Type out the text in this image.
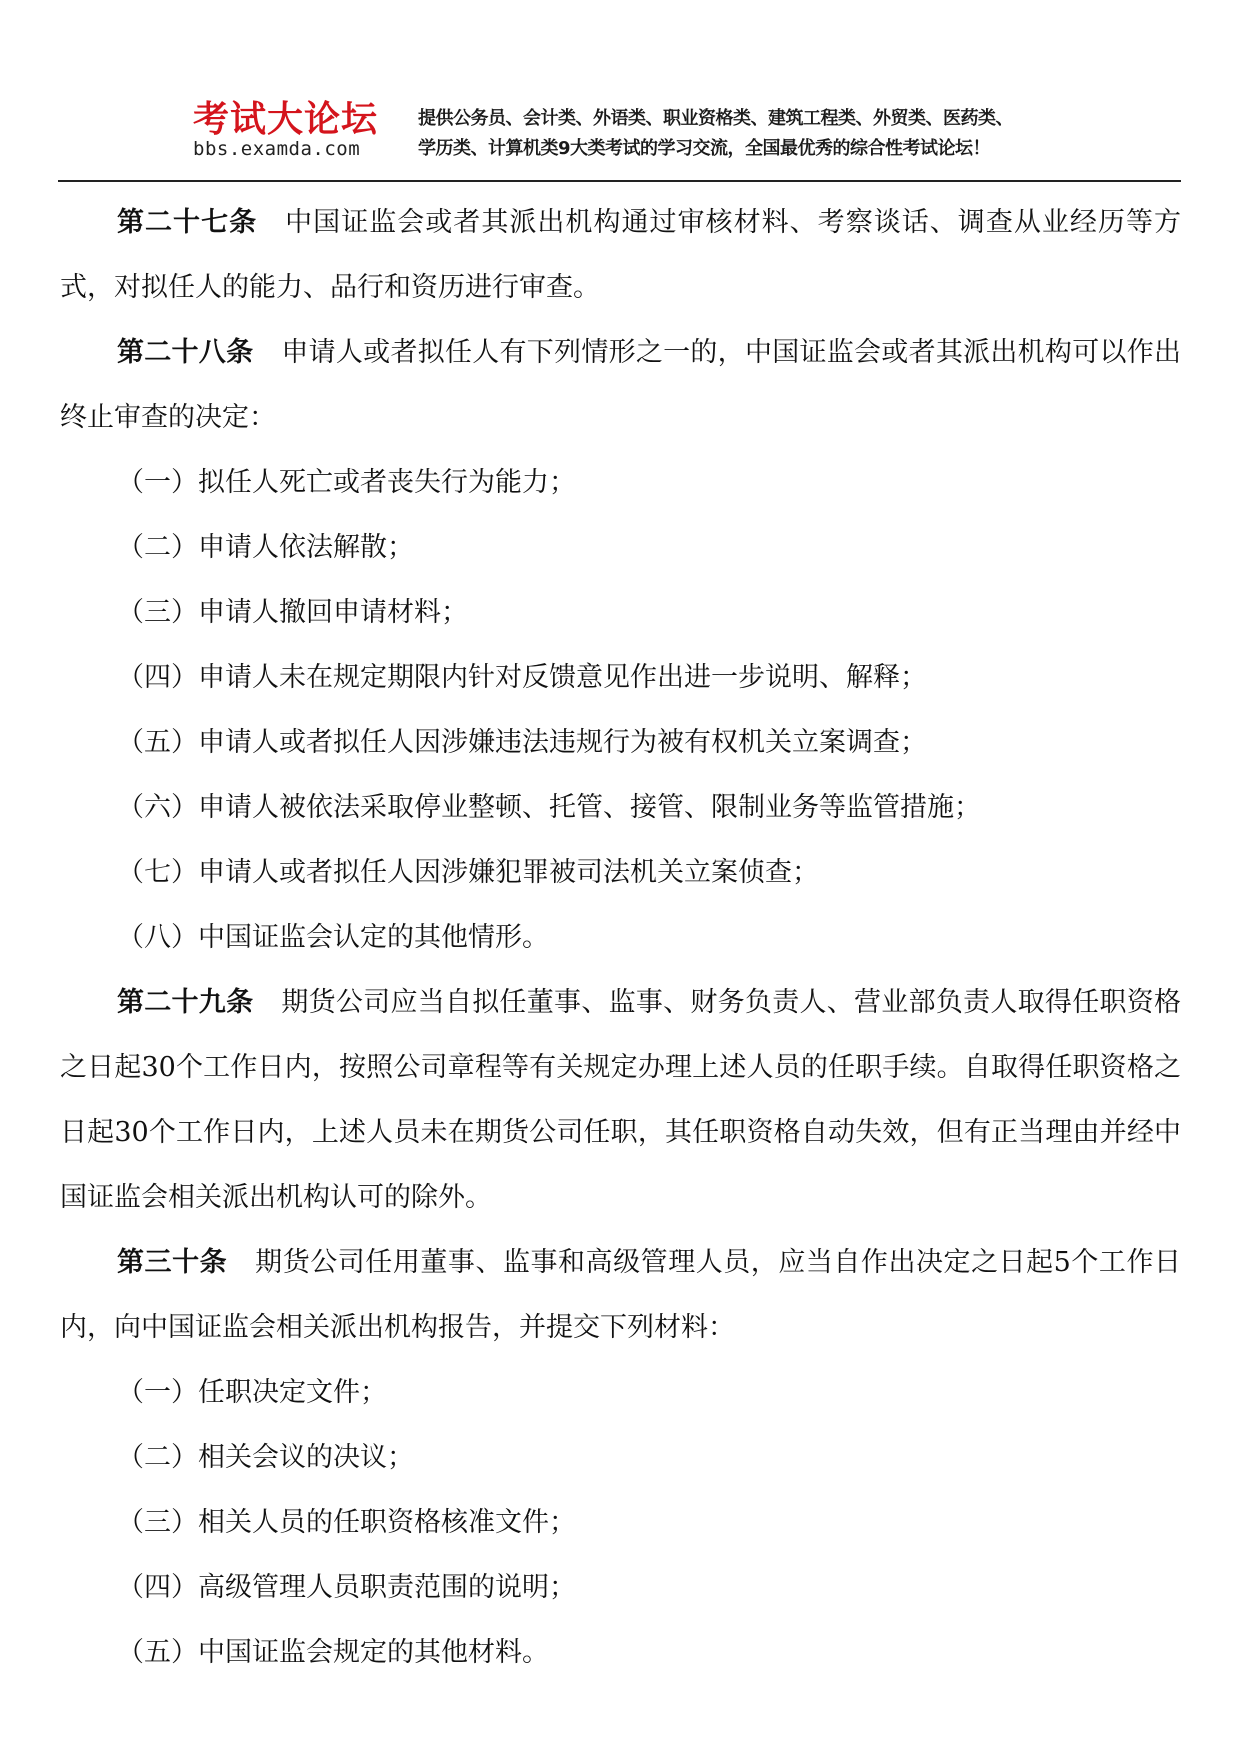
考试大论坛
bbs.examda.com
提供公务员、会计类、外语类、职业资格类、建筑工程类、外贸类、医药类、
学历类、计算机类9大类考试的学习交流，全国最优秀的综合性考试论坛！

第二十七条 中国证监会或者其派出机构通过审核材料、考察谈话、调查从业经历等方式，对拟任人的能力、品行和资历进行审查。

第二十八条 申请人或者拟任人有下列情形之一的，中国证监会或者其派出机构可以作出终止审查的决定：

（一）拟任人死亡或者丧失行为能力；

（二）申请人依法解散；

（三）申请人撤回申请材料；

（四）申请人未在规定期限内针对反馈意见作出进一步说明、解释；

（五）申请人或者拟任人因涉嫌违法违规行为被有权机关立案调查；

（六）申请人被依法采取停业整顿、托管、接管、限制业务等监管措施；

（七）申请人或者拟任人因涉嫌犯罪被司法机关立案侦查；

（八）中国证监会认定的其他情形。

第二十九条 期货公司应当自拟任董事、监事、财务负责人、营业部负责人取得任职资格之日起30个工作日内，按照公司章程等有关规定办理上述人员的任职手续。自取得任职资格之日起30个工作日内，上述人员未在期货公司任职，其任职资格自动失效，但有正当理由并经中国证监会相关派出机构认可的除外。

第三十条 期货公司任用董事、监事和高级管理人员，应当自作出决定之日起5个工作日内，向中国证监会相关派出机构报告，并提交下列材料：

（一）任职决定文件；

（二）相关会议的决议；

（三）相关人员的任职资格核准文件；

（四）高级管理人员职责范围的说明；

（五）中国证监会规定的其他材料。
